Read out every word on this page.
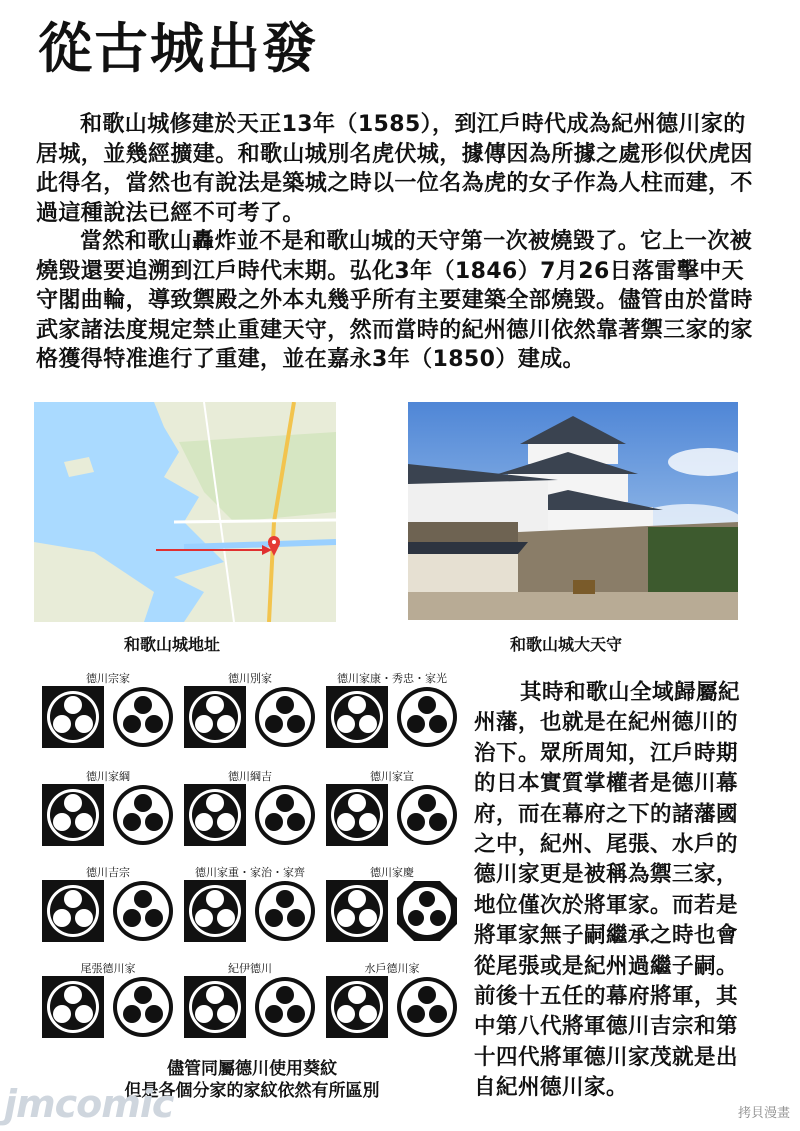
從古城出發

和歌山城修建於天正13年（1585），到江戶時代成為紀州德川家的居城，並幾經擴建。和歌山城別名虎伏城，據傳因為所據之處形似伏虎因此得名，當然也有說法是築城之時以一位名為虎的女子作為人柱而建，不過這種說法已經不可考了。

當然和歌山轟炸並不是和歌山城的天守第一次被燒毀了。它上一次被燒毀還要追溯到江戶時代末期。弘化3年（1846）7月26日落雷擊中天守閣曲輪，導致禦殿之外本丸幾乎所有主要建築全部燒毀。儘管由於當時武家諸法度規定禁止重建天守，然而當時的紀州德川依然靠著禦三家的家格獲得特准進行了重建，並在嘉永3年（1850）建成。

和歌山城地址	和歌山城大天守

德川宗家	德川別家	德川家康・秀忠・家光

德川家綱	德川綱吉	德川家宣

德川吉宗	德川家重・家治・家齊	德川家慶

尾張德川家	紀伊德川	水戶德川家

儘管同屬德川使用葵紋

但是各個分家的家紋依然有所區別

其時和歌山全域歸屬紀州藩，也就是在紀州德川的治下。眾所周知，江戶時期的日本實質掌權者是德川幕府，而在幕府之下的諸藩國之中，紀州、尾張、水戶的德川家更是被稱為禦三家，地位僅次於將軍家。而若是將軍家無子嗣繼承之時也會從尾張或是紀州過繼子嗣。前後十五任的幕府將軍，其中第八代將軍德川吉宗和第十四代將軍德川家茂就是出自紀州德川家。

jmcomic	拷貝漫畫
